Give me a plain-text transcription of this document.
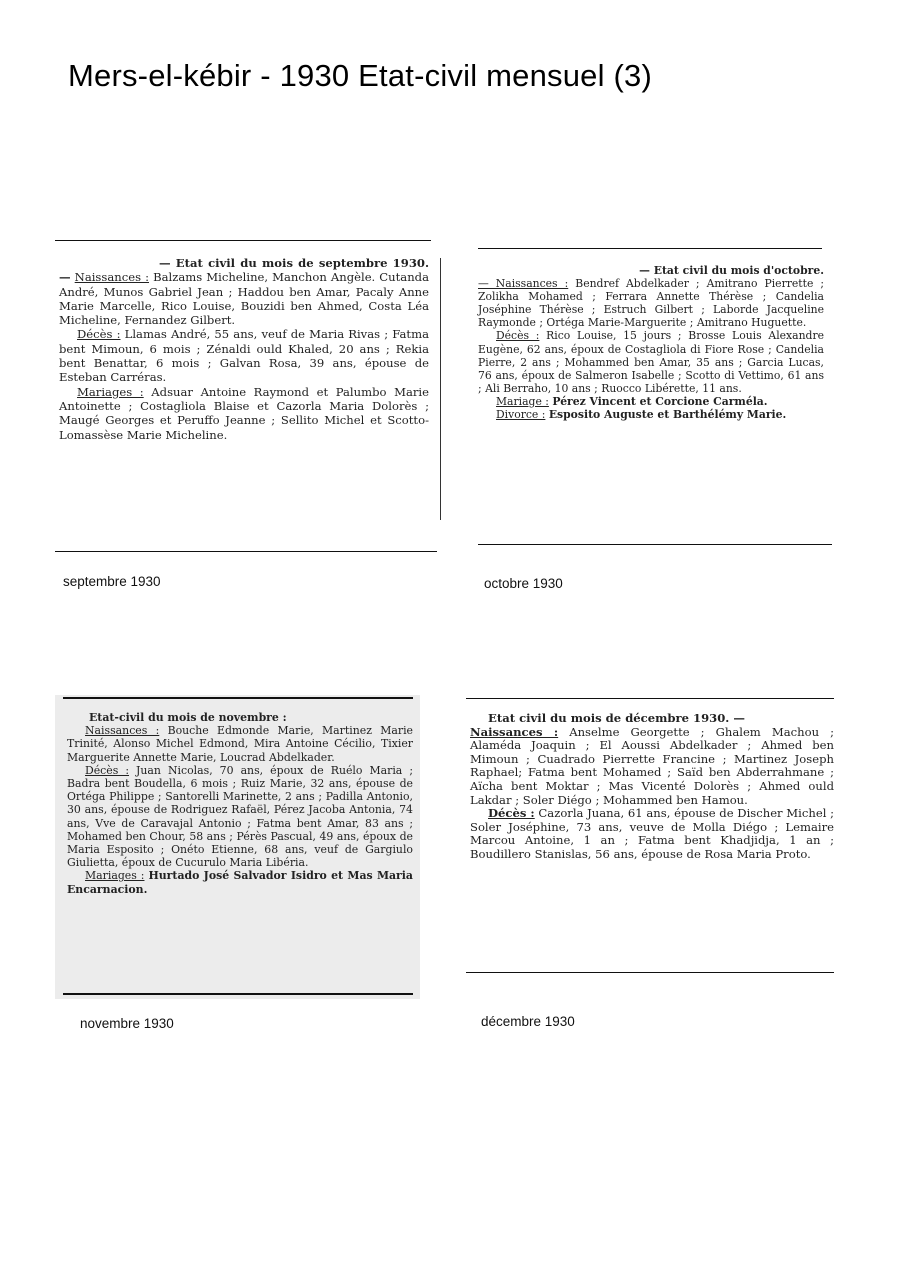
Mers-el-kébir - 1930 Etat-civil mensuel (3)

— Etat civil du mois de septembre 1930. — Naissances : Balzams Micheline, Manchon Angèle. Cutanda André, Munos Gabriel Jean ; Haddou ben Amar, Pacaly Anne Marie Marcelle, Rico Louise, Bouzidi ben Ahmed, Costa Léa Micheline, Fernandez Gilbert.

Décès : Llamas André, 55 ans, veuf de Maria Rivas ; Fatma bent Mimoun, 6 mois ; Zénaldi ould Khaled, 20 ans ; Rekia bent Benattar, 6 mois ; Galvan Rosa, 39 ans, épouse de Esteban Carréras.

Mariages : Adsuar Antoine Raymond et Palumbo Marie Antoinette ; Costagliola Blaise et Cazorla Maria Dolorès ; Maugé Georges et Peruffo Jeanne ; Sellito Michel et Scotto-Lomassèse Marie Micheline.

septembre 1930

— Etat civil du mois d'octobre.

— Naissances : Bendref Abdelkader ; Amitrano Pierrette ; Zolikha Mohamed ; Ferrara Annette Thérèse ; Candelia Joséphine Thérèse ; Estruch Gilbert ; Laborde Jacqueline Raymonde ; Ortéga Marie-Marguerite ; Amitrano Huguette.

Décès : Rico Louise, 15 jours ; Brosse Louis Alexandre Eugène, 62 ans, époux de Costagliola di Fiore Rose ; Candelia Pierre, 2 ans ; Mohammed ben Amar, 35 ans ; Garcia Lucas, 76 ans, époux de Salmeron Isabelle ; Scotto di Vettimo, 61 ans ; Ali Berraho, 10 ans ; Ruocco Libérette, 11 ans.

Mariage : Pérez Vincent et Corcione Carméla.

Divorce : Esposito Auguste et Barthélémy Marie.

octobre 1930

Etat-civil du mois de novembre :

Naissances : Bouche Edmonde Marie, Martinez Marie Trinité, Alonso Michel Edmond, Mira Antoine Cécilio, Tixier Marguerite Annette Marie, Loucrad Abdelkader.

Décès : Juan Nicolas, 70 ans, époux de Ruélo Maria ; Badra bent Boudella, 6 mois ; Ruiz Marie, 32 ans, épouse de Ortéga Philippe ; Santorelli Marinette, 2 ans ; Padilla Antonio, 30 ans, épouse de Rodriguez Rafaël, Pérez Jacoba Antonia, 74 ans, Vve de Caravajal Antonio ; Fatma bent Amar, 83 ans ; Mohamed ben Chour, 58 ans ; Pérès Pascual, 49 ans, époux de Maria Esposito ; Onéto Etienne, 68 ans, veuf de Gargiulo Giulietta, époux de Cucurulo Maria Libéria.

Mariages : Hurtado José Salvador Isidro et Mas Maria Encarnacion.

novembre 1930

Etat civil du mois de décembre 1930. —

Naissances : Anselme Georgette ; Ghalem Machou ; Alaméda Joaquin ; El Aoussi Abdelkader ; Ahmed ben Mimoun ; Cuadrado Pierrette Francine ; Martinez Joseph Raphael; Fatma bent Mohamed ; Saïd ben Abderrahmane ; Aïcha bent Moktar ; Mas Vicenté Dolorès ; Ahmed ould Lakdar ; Soler Diégo ; Mohammed ben Hamou.

Décès : Cazorla Juana, 61 ans, épouse de Discher Michel ; Soler Joséphine, 73 ans, veuve de Molla Diégo ; Lemaire Marcou Antoine, 1 an ; Fatma bent Khadjidja, 1 an ; Boudillero Stanislas, 56 ans, épouse de Rosa Maria Proto.

décembre 1930
